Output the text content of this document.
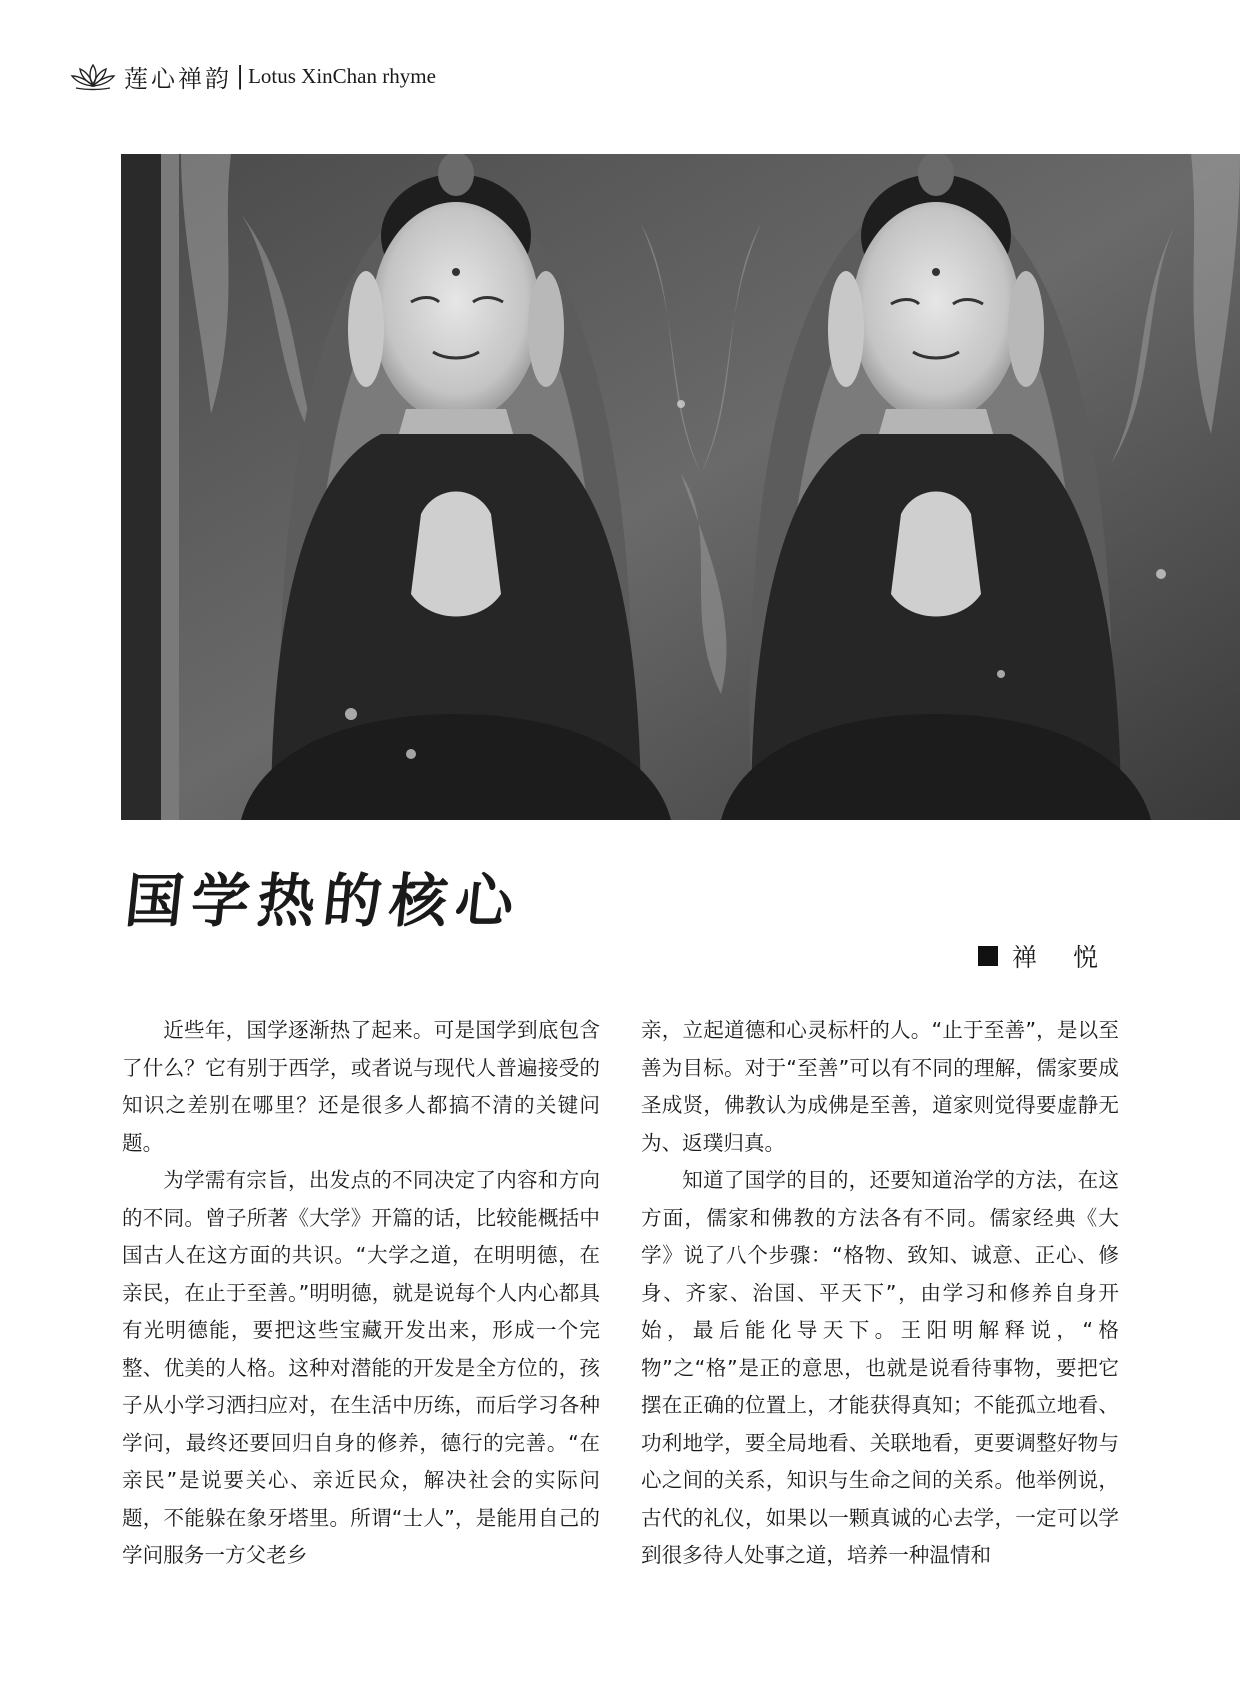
莲心禅韵 | Lotus XinChan rhyme
国学热的核心
禅 悦

近些年，国学逐渐热了起来。可是国学到底包含了什么？它有别于西学，或者说与现代人普遍接受的知识之差别在哪里？还是很多人都搞不清的关键问题。

为学需有宗旨，出发点的不同决定了内容和方向的不同。曾子所著《大学》开篇的话，比较能概括中国古人在这方面的共识。“大学之道，在明明德，在亲民，在止于至善。”明明德，就是说每个人内心都具有光明德能，要把这些宝藏开发出来，形成一个完整、优美的人格。这种对潜能的开发是全方位的，孩子从小学习洒扫应对，在生活中历练，而后学习各种学问，最终还要回归自身的修养，德行的完善。“在亲民”是说要关心、亲近民众，解决社会的实际问题，不能躲在象牙塔里。所谓“士人”，是能用自己的学问服务一方父老乡

亲，立起道德和心灵标杆的人。“止于至善”，是以至善为目标。对于“至善”可以有不同的理解，儒家要成圣成贤，佛教认为成佛是至善，道家则觉得要虚静无为、返璞归真。

知道了国学的目的，还要知道治学的方法，在这方面，儒家和佛教的方法各有不同。儒家经典《大学》说了八个步骤：“格物、致知、诚意、正心、修身、齐家、治国、平天下”，由学习和修养自身开始，最后能化导天下。王阳明解释说，“格物”之“格”是正的意思，也就是说看待事物，要把它摆在正确的位置上，才能获得真知；不能孤立地看、功利地学，要全局地看、关联地看，更要调整好物与心之间的关系，知识与生命之间的关系。他举例说，古代的礼仪，如果以一颗真诚的心去学，一定可以学到很多待人处事之道，培养一种温情和
